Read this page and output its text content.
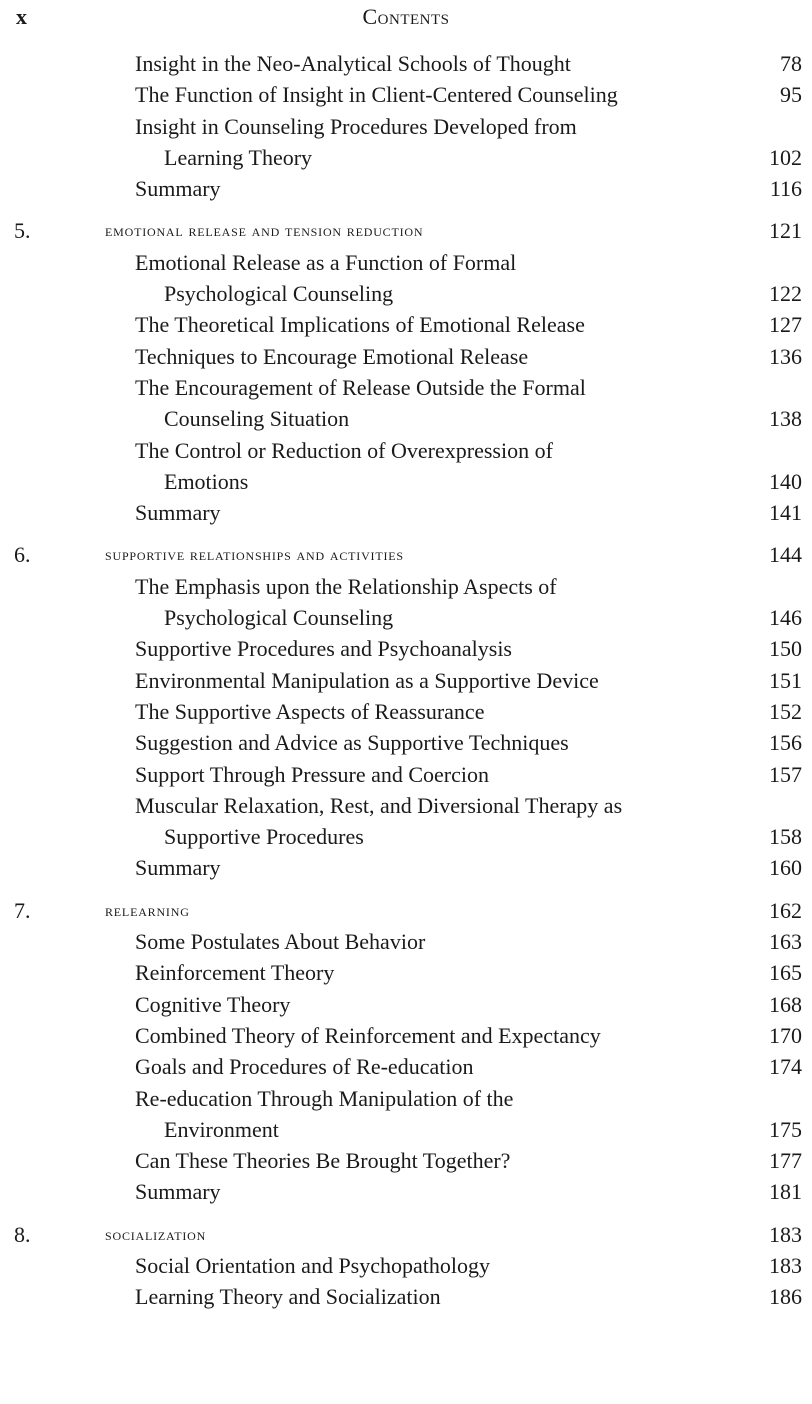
x	Contents
Insight in the Neo-Analytical Schools of Thought	78
The Function of Insight in Client-Centered Counseling	95
Insight in Counseling Procedures Developed from
Learning Theory	102
Summary	116
5.	emotional release and tension reduction	121
Emotional Release as a Function of Formal
Psychological Counseling	122
The Theoretical Implications of Emotional Release	127
Techniques to Encourage Emotional Release	136
The Encouragement of Release Outside the Formal
Counseling Situation	138
The Control or Reduction of Overexpression of
Emotions	140
Summary	141
6.	supportive relationships and activities	144
The Emphasis upon the Relationship Aspects of
Psychological Counseling	146
Supportive Procedures and Psychoanalysis	150
Environmental Manipulation as a Supportive Device	151
The Supportive Aspects of Reassurance	152
Suggestion and Advice as Supportive Techniques	156
Support Through Pressure and Coercion	157
Muscular Relaxation, Rest, and Diversional Therapy as
Supportive Procedures	158
Summary	160
7.	relearning	162
Some Postulates About Behavior	163
Reinforcement Theory	165
Cognitive Theory	168
Combined Theory of Reinforcement and Expectancy	170
Goals and Procedures of Re-education	174
Re-education Through Manipulation of the
Environment	175
Can These Theories Be Brought Together?	177
Summary	181
8.	socialization	183
Social Orientation and Psychopathology	183
Learning Theory and Socialization	186
